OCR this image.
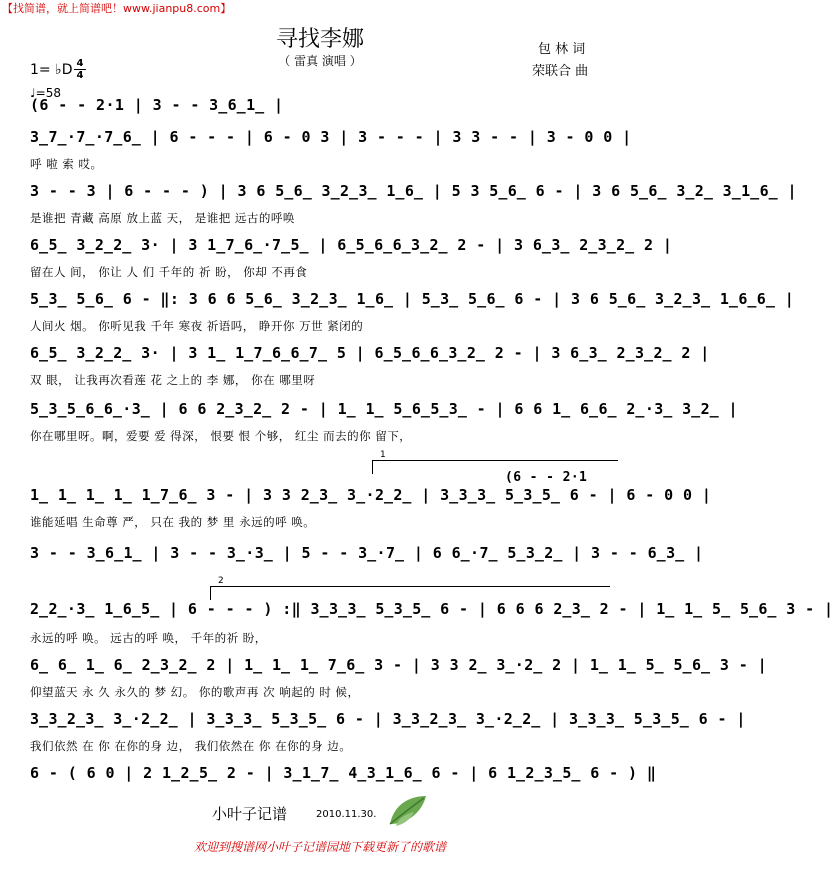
【找简谱，就上简谱吧！www.jianpu8.com】
寻找李娜
（ 雷真 演唱 ）
包 林 词
荣联合 曲
1= ♭D 4
4
♩=58
(6 - - 2·1 | 3 - - 3̲6̲1̲ |
3̲7̲·7̲·7̲6̲ | 6 - - - | 6 - 0 3 | 3 - - - | 3 3 - - | 3 - 0 0 |
呼 啦 索 哎。
3 - - 3 | 6 - - - ) | 3 6 5̲6̲ 3̲2̲3̲ 1̲6̲ | 5 3 5̲6̲ 6 - | 3 6 5̲6̲ 3̲2̲ 3̲1̲6̲ |
是谁把 青藏 高原 放上蓝 天， 是谁把 远古的呼唤
6̲5̲ 3̲2̲2̲ 3· | 3 1̲7̲6̲·7̲5̲ | 6̲5̲6̲6̲3̲2̲ 2 - | 3 6̲3̲ 2̲3̲2̲ 2 |
留在人 间， 你让 人 们 千年的 祈 盼， 你却 不再食
5̲3̲ 5̲6̲ 6 - ‖: 3 6 6 5̲6̲ 3̲2̲3̲ 1̲6̲ | 5̲3̲ 5̲6̲ 6 - | 3 6 5̲6̲ 3̲2̲3̲ 1̲6̲6̲ |
人间火 烟。 你听见我 千年 寒夜 祈语吗， 睁开你 万世 紧闭的
6̲5̲ 3̲2̲2̲ 3· | 3 1̲ 1̲7̲6̲6̲7̲ 5 | 6̲5̲6̲6̲3̲2̲ 2 - | 3 6̲3̲ 2̲3̲2̲ 2 |
双 眼， 让我再次看莲 花 之上的 李 娜， 你在 哪里呀
5̲3̲5̲6̲6̲·3̲ | 6 6 2̲3̲2̲ 2 - | 1̲ 1̲ 5̲6̲5̲3̲ - | 6 6 1̲ 6̲6̲ 2̲·3̲ 3̲2̲ |
你在哪里呀。啊，爱要 爱 得深， 恨要 恨 个够， 红尘 而去的你 留下，
1
(6 - - 2·1
1̲ 1̲ 1̲ 1̲ 1̲7̲6̲ 3 - | 3 3 2̲3̲ 3̲·2̲2̲ | 3̲3̲3̲ 5̲3̲5̲ 6 - | 6 - 0 0 |
谁能延唱 生命尊 严， 只在 我的 梦 里 永远的呼 唤。
3 - - 3̲6̲1̲ | 3 - - 3̲·3̲ | 5 - - 3̲·7̲ | 6 6̲·7̲ 5̲3̲2̲ | 3 - - 6̲3̲ |
2
2̲2̲·3̲ 1̲6̲5̲ | 6 - - - ) :‖ 3̲3̲3̲ 5̲3̲5̲ 6 - | 6 6 6 2̲3̲ 2 - | 1̲ 1̲ 5̲ 5̲6̲ 3 - |
永远的呼 唤。 远古的呼 唤， 千年的祈 盼，
6̲ 6̲ 1̲ 6̲ 2̲3̲2̲ 2 | 1̲ 1̲ 1̲ 7̲6̲ 3 - | 3 3 2̲ 3̲·2̲ 2 | 1̲ 1̲ 5̲ 5̲6̲ 3 - |
仰望蓝天 永 久 永久的 梦 幻。 你的歌声再 次 响起的 时 候，
3̲3̲2̲3̲ 3̲·2̲2̲ | 3̲3̲3̲ 5̲3̲5̲ 6 - | 3̲3̲2̲3̲ 3̲·2̲2̲ | 3̲3̲3̲ 5̲3̲5̲ 6 - |
我们依然 在 你 在你的身 边， 我们依然在 你 在你的身 边。
6 - ( 6 0 | 2 1̲2̲5̲ 2 - | 3̲1̲7̲ 4̲3̲1̲6̲ 6 - | 6 1̲2̲3̲5̲ 6 - ) ‖
小叶子记谱	2010.11.30.
欢迎到搜谱网小叶子记谱园地下载更新了的歌谱
